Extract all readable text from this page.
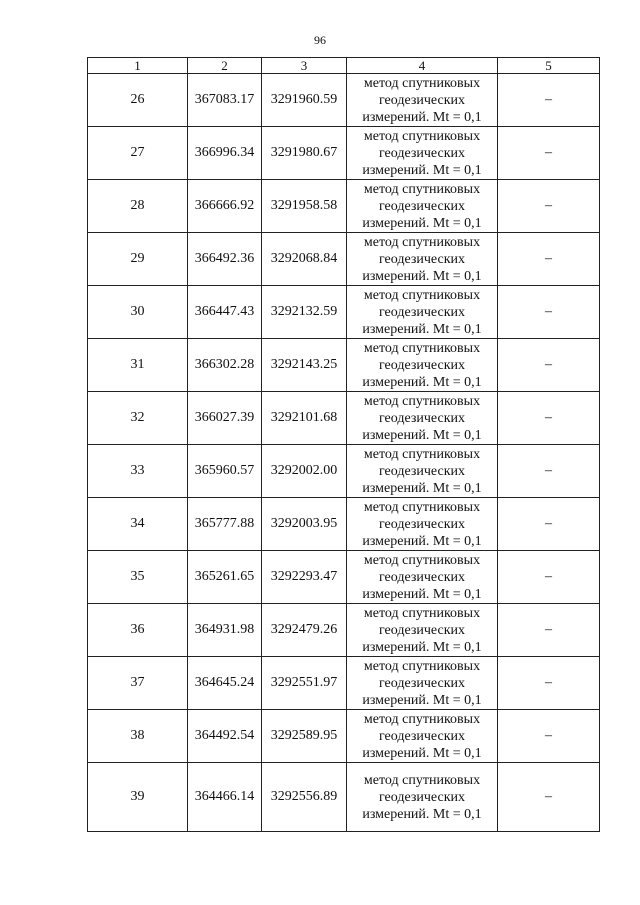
96
1	2	3	4	5
26	367083.17	3291960.59	метод спутниковых
геодезических
измерений. Mt = 0,1	–
27	366996.34	3291980.67	метод спутниковых
геодезических
измерений. Mt = 0,1	–
28	366666.92	3291958.58	метод спутниковых
геодезических
измерений. Mt = 0,1	–
29	366492.36	3292068.84	метод спутниковых
геодезических
измерений. Mt = 0,1	–
30	366447.43	3292132.59	метод спутниковых
геодезических
измерений. Mt = 0,1	–
31	366302.28	3292143.25	метод спутниковых
геодезических
измерений. Mt = 0,1	–
32	366027.39	3292101.68	метод спутниковых
геодезических
измерений. Mt = 0,1	–
33	365960.57	3292002.00	метод спутниковых
геодезических
измерений. Mt = 0,1	–
34	365777.88	3292003.95	метод спутниковых
геодезических
измерений. Mt = 0,1	–
35	365261.65	3292293.47	метод спутниковых
геодезических
измерений. Mt = 0,1	–
36	364931.98	3292479.26	метод спутниковых
геодезических
измерений. Mt = 0,1	–
37	364645.24	3292551.97	метод спутниковых
геодезических
измерений. Mt = 0,1	–
38	364492.54	3292589.95	метод спутниковых
геодезических
измерений. Mt = 0,1	–
39	364466.14	3292556.89	метод спутниковых
геодезических
измерений. Mt = 0,1	–
